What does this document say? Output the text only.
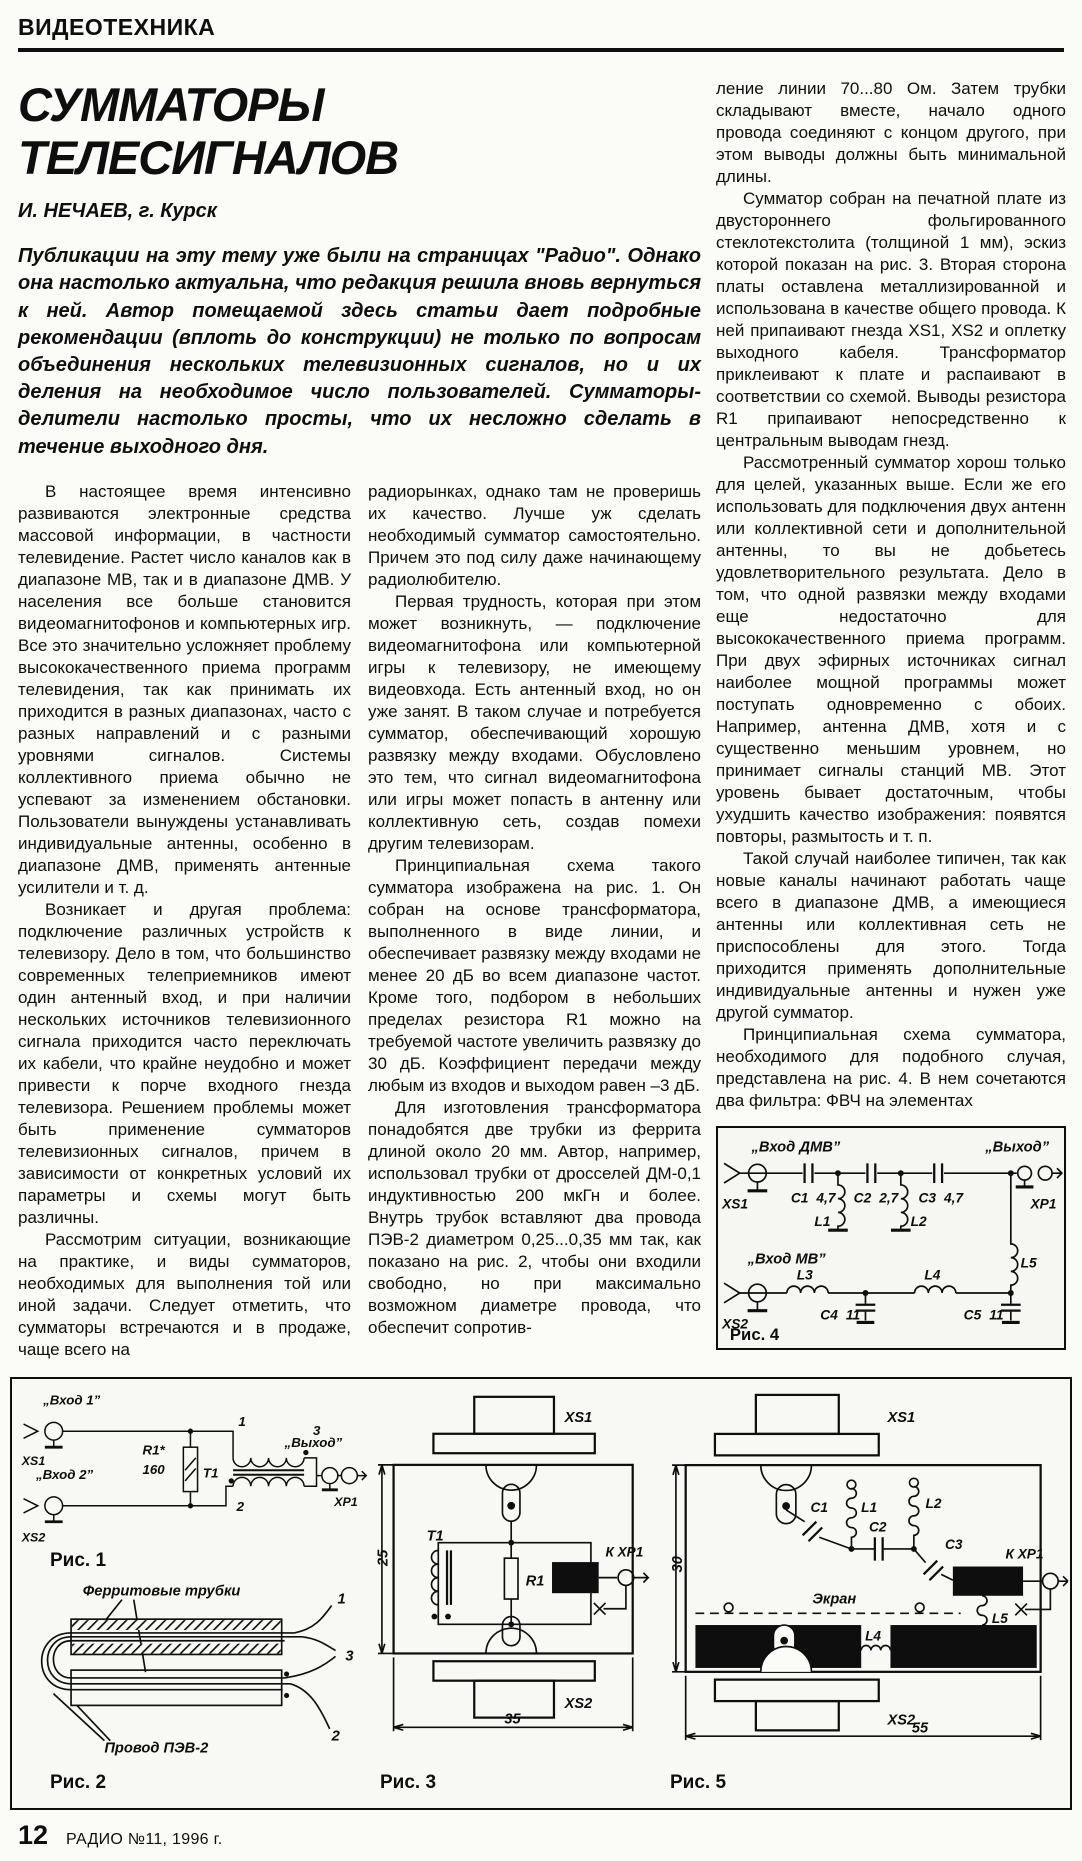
ВИДЕОТЕХНИКА
СУММАТОРЫ
ТЕЛЕСИГНАЛОВ
И. НЕЧАЕВ, г. Курск
Публикации на эту тему уже были на страницах "Радио". Однако она настолько актуальна, что редакция решила вновь вернуться к ней. Автор помещаемой здесь статьи дает подробные рекомендации (вплоть до конструкции) не только по вопросам объединения нескольких телевизионных сигналов, но и их деления на необходимое число пользователей. Сумматоры-делители настолько просты, что их несложно сделать в течение выходного дня.

В настоящее время интенсивно развиваются электронные средства массовой информации, в частности телевидение. Растет число каналов как в диапазоне МВ, так и в диапазоне ДМВ. У населения все больше становится видеомагнитофонов и компьютерных игр. Все это значительно усложняет проблему высококачественного приема программ телевидения, так как принимать их приходится в разных диапазонах, часто с разных направлений и с разными уровнями сигналов. Системы коллективного приема обычно не успевают за изменением обстановки. Пользователи вынуждены устанавливать индивидуальные антенны, особенно в диапазоне ДМВ, применять антенные усилители и т. д.

Возникает и другая проблема: подключение различных устройств к телевизору. Дело в том, что большинство современных телеприемников имеют один антенный вход, и при наличии нескольких источников телевизионного сигнала приходится часто переключать их кабели, что крайне неудобно и может привести к порче входного гнезда телевизора. Решением проблемы может быть применение сумматоров телевизионных сигналов, причем в зависимости от конкретных условий их параметры и схемы могут быть различны.

Рассмотрим ситуации, возникающие на практике, и виды сумматоров, необходимых для выполнения той или иной задачи. Следует отметить, что сумматоры встречаются и в продаже, чаще всего на

радиорынках, однако там не проверишь их качество. Лучше уж сделать необходимый сумматор самостоятельно. Причем это под силу даже начинающему радиолюбителю.

Первая трудность, которая при этом может возникнуть, — подключение видеомагнитофона или компьютерной игры к телевизору, не имеющему видеовхода. Есть антенный вход, но он уже занят. В таком случае и потребуется сумматор, обеспечивающий хорошую развязку между входами. Обусловлено это тем, что сигнал видеомагнитофона или игры может попасть в антенну или коллективную сеть, создав помехи другим телевизорам.

Принципиальная схема такого сумматора изображена на рис. 1. Он собран на основе трансформатора, выполненного в виде линии, и обеспечивает развязку между входами не менее 20 дБ во всем диапазоне частот. Кроме того, подбором в небольших пределах резистора R1 можно на требуемой частоте увеличить развязку до 30 дБ. Коэффициент передачи между любым из входов и выходом равен –3 дБ.

Для изготовления трансформатора понадобятся две трубки из феррита длиной около 20 мм. Автор, например, использовал трубки от дросселей ДМ-0,1 индуктивностью 200 мкГн и более. Внутрь трубок вставляют два провода ПЭВ-2 диаметром 0,25...0,35 мм так, как показано на рис. 2, чтобы они входили свободно, но при максимально возможном диаметре провода, что обеспечит сопротив-

ление линии 70...80 Ом. Затем трубки складывают вместе, начало одного провода соединяют с концом другого, при этом выводы должны быть минимальной длины.

Сумматор собран на печатной плате из двустороннего фольгированного стеклотекстолита (толщиной 1 мм), эскиз которой показан на рис. 3. Вторая сторона платы оставлена металлизированной и использована в качестве общего провода. К ней припаивают гнезда XS1, XS2 и оплетку выходного кабеля. Трансформатор приклеивают к плате и распаивают в соответствии со схемой. Выводы резистора R1 припаивают непосредственно к центральным выводам гнезд.

Рассмотренный сумматор хорош только для целей, указанных выше. Если же его использовать для подключения двух антенн или коллективной сети и дополнительной антенны, то вы не добьетесь удовлетворительного результата. Дело в том, что одной развязки между входами еще недостаточно для высококачественного приема программ. При двух эфирных источниках сигнал наиболее мощной программы может поступать одновременно с обоих. Например, антенна ДМВ, хотя и с существенно меньшим уровнем, но принимает сигналы станций МВ. Этот уровень бывает достаточным, чтобы ухудшить качество изображения: появятся повторы, размытость и т. п.

Такой случай наиболее типичен, так как новые каналы начинают работать чаще всего в диапазоне ДМВ, а имеющиеся антенны или коллективная сеть не приспособлены для этого. Тогда приходится применять дополнительные индивидуальные антенны и нужен уже другой сумматор.

Принципиальная схема сумматора, необходимого для подобного случая, представлена на рис. 4. В нем сочетаются два фильтра: ФВЧ на элементах

„Вход ДМВ”	„Выход”
XS1	XP1
C1 4,7 C2 2,7 C3 4,7
L1	L2
L5
„Вход МВ”
XS2
L3	L4
C4 11	C5 11
Рис. 4
„Вход 1”
XS1
„Вход 2”
XS2
R1*
160	T1
1
3
2
„Выход”
XP1
Рис. 1
Ферритовые трубки	1
3
2
Провод ПЭВ-2
Рис. 2
XS1
T1
R1
К XP1
XS2
25
35
Рис. 3
XS1
C1 L1
C2
L2
C3
Экран
К XP1
L5
L4
XS2
30
55
Рис. 5
12 РАДИО №11, 1996 г.
